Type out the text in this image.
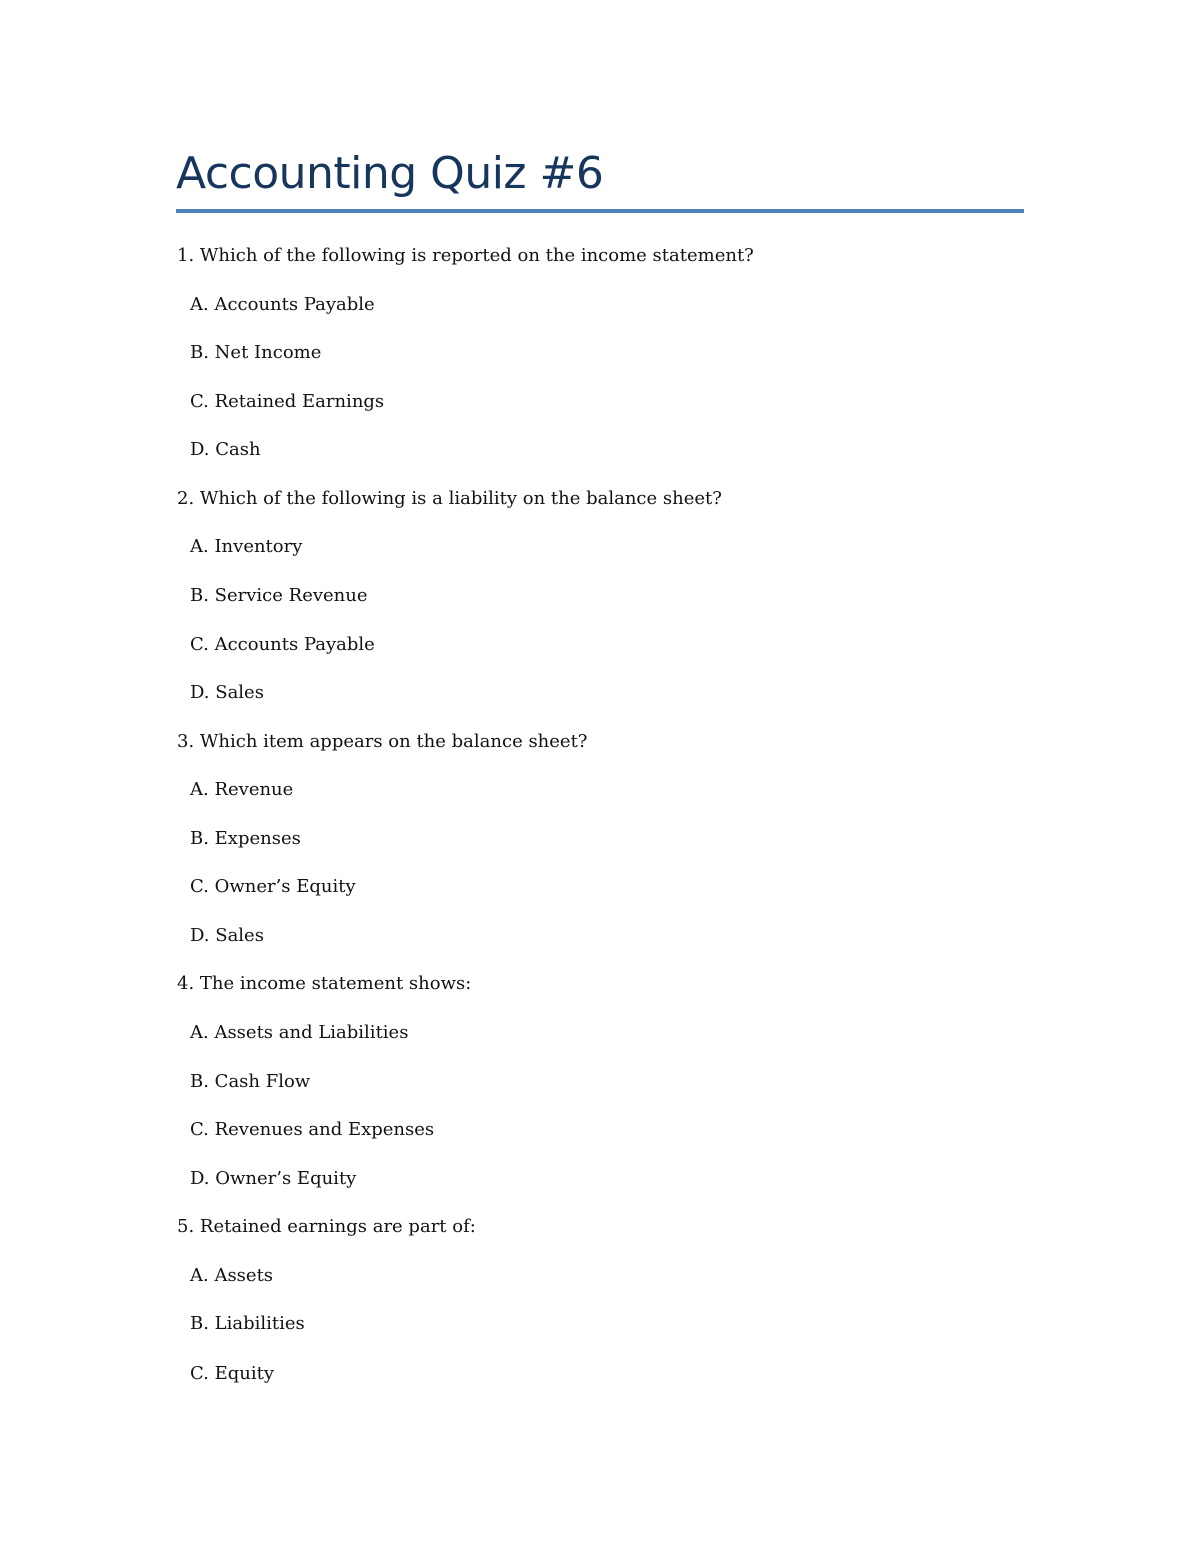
Accounting Quiz #6
1. Which of the following is reported on the income statement?
A. Accounts Payable
B. Net Income
C. Retained Earnings
D. Cash
2. Which of the following is a liability on the balance sheet?
A. Inventory
B. Service Revenue
C. Accounts Payable
D. Sales
3. Which item appears on the balance sheet?
A. Revenue
B. Expenses
C. Owner’s Equity
D. Sales
4. The income statement shows:
A. Assets and Liabilities
B. Cash Flow
C. Revenues and Expenses
D. Owner’s Equity
5. Retained earnings are part of:
A. Assets
B. Liabilities
C. Equity
